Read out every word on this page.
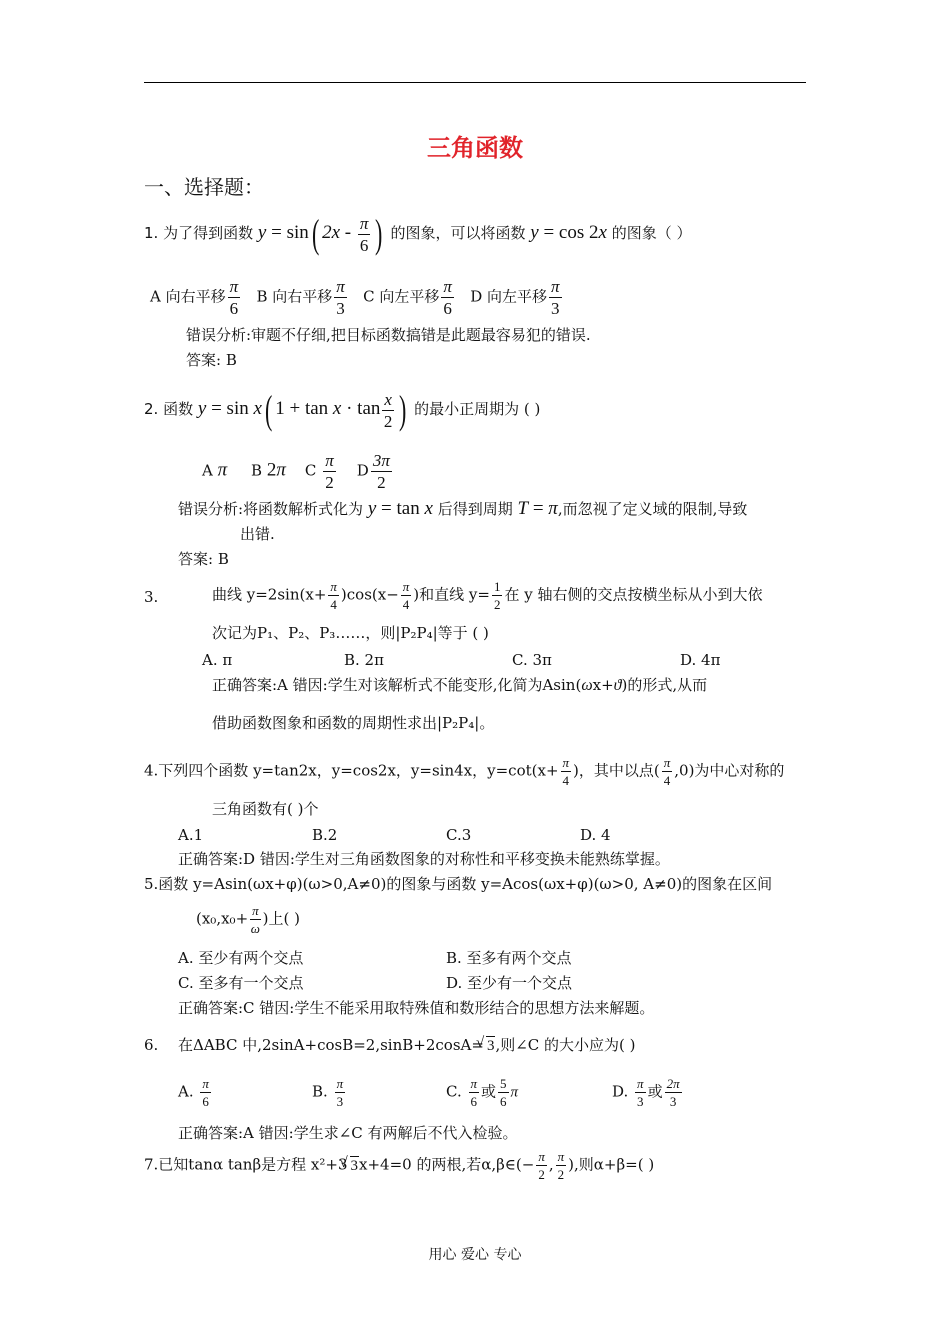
三角函数
一、选择题：
1. 为了得到函数 y = sin( $2x - \frac{\pi}{6}$ ) 的图象，可以将函数 y = cos 2x 的图象（ ）
A 向右平移 $\frac{\pi}{6}$ B 向右平移 $\frac{\pi}{3}$ C 向左平移 $\frac{\pi}{6}$ D 向左平移 $\frac{\pi}{3}$
错误分析:审题不仔细,把目标函数搞错是此题最容易犯的错误.
答案: B
2. 函数 y = sin x( $1 + \tan x \cdot \tan \frac{x}{2}$ ) 的最小正周期为 ( )
A π B 2π C $\frac{\pi}{2}$ D $\frac{3\pi}{2}$
错误分析:将函数解析式化为 y = tan x 后得到周期 T = π,而忽视了定义域的限制,导致
出错.
答案: B
3.	曲线 $y=2\sin(x+ \frac{\pi}{4} )\cos(x- \frac{\pi}{4}$ )和直线 $y= \frac{1}{2}$ 在 y 轴右侧的交点按横坐标从小到大依
次记为P₁、P₂、P₃……，则|P₂P₄|等于 ( )
A. π	B. 2π	C. 3π	D. 4π
正确答案:A 错因:学生对该解析式不能变形,化简为Asin(ωx+ϑ)的形式,从而
借助函数图象和函数的周期性求出|P₂P₄|。
4.下列四个函数 y=tan2x，y=cos2x，y=sin4x，$y=\cot(x+ \frac{\pi}{4}$ )，其中以点( $\frac{\pi}{4} ,0$)为中心对称的
三角函数有( )个
A.1	B.2	C.3	D. 4
正确答案:D 错因:学生对三角函数图象的对称性和平移变换未能熟练掌握。
5.函数 y=Asin(ωx+φ)(ω>0,A≠0)的图象与函数 y=Acos(ωx+φ)(ω>0, A≠0)的图象在区间
($x_0,x_0+ \frac{\pi}{\omega}$ )上( )
A. 至少有两个交点	B. 至多有两个交点
C. 至多有一个交点	D. 至少有一个交点
正确答案:C 错因:学生不能采用取特殊值和数形结合的思想方法来解题。
6. 在ΔABC 中,2sinA+cosB=2,sinB+2cosA= √ 3,则∠C 的大小应为( )
A. $\frac{\pi}{6}$	B. $\frac{\pi}{3}$	C. $\frac{\pi}{6}$ 或 $\frac{5}{6}$ π	D. $\frac{\pi}{3}$ 或 $\frac{2\pi}{3}$
正确答案:A 错因:学生求∠C 有两解后不代入检验。
7.已知tanα tanβ是方程 x²+3 √ 3x+4=0 的两根,若α,β∈(− $\frac{\pi}{2}$ , $\frac{\pi}{2}$ ),则α+β=( )
用心 爱心 专心
